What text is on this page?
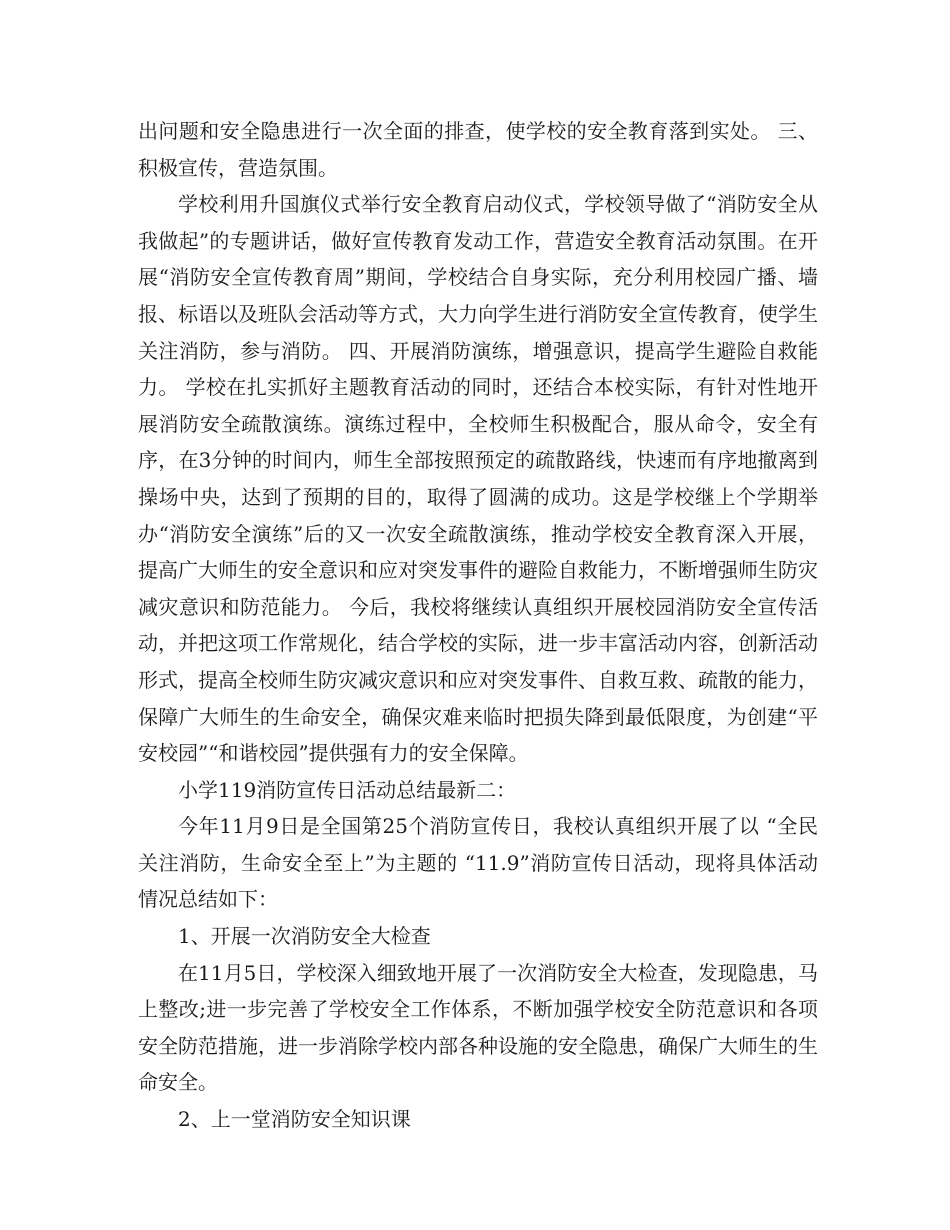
出问题和安全隐患进行一次全面的排查，使学校的安全教育落到实处。 三、积极宣传，营造氛围。

学校利用升国旗仪式举行安全教育启动仪式，学校领导做了“消防安全从我做起”的专题讲话，做好宣传教育发动工作，营造安全教育活动氛围。在开展“消防安全宣传教育周”期间，学校结合自身实际，充分利用校园广播、墙报、标语以及班队会活动等方式，大力向学生进行消防安全宣传教育，使学生关注消防，参与消防。 四、开展消防演练，增强意识，提高学生避险自救能力。 学校在扎实抓好主题教育活动的同时，还结合本校实际，有针对性地开展消防安全疏散演练。演练过程中，全校师生积极配合，服从命令，安全有序，在3分钟的时间内，师生全部按照预定的疏散路线，快速而有序地撤离到操场中央，达到了预期的目的，取得了圆满的成功。这是学校继上个学期举办“消防安全演练”后的又一次安全疏散演练，推动学校安全教育深入开展，提高广大师生的安全意识和应对突发事件的避险自救能力，不断增强师生防灾减灾意识和防范能力。 今后，我校将继续认真组织开展校园消防安全宣传活动，并把这项工作常规化，结合学校的实际，进一步丰富活动内容，创新活动形式，提高全校师生防灾减灾意识和应对突发事件、自救互救、疏散的能力，保障广大师生的生命安全，确保灾难来临时把损失降到最低限度，为创建“平安校园”“和谐校园”提供强有力的安全保障。

小学119消防宣传日活动总结最新二：

今年11月9日是全国第25个消防宣传日，我校认真组织开展了以 “全民关注消防，生命安全至上”为主题的 “11.9”消防宣传日活动，现将具体活动情况总结如下：

1、开展一次消防安全大检查

在11月5日，学校深入细致地开展了一次消防安全大检查，发现隐患，马上整改;进一步完善了学校安全工作体系，不断加强学校安全防范意识和各项安全防范措施，进一步消除学校内部各种设施的安全隐患，确保广大师生的生命安全。

2、上一堂消防安全知识课
